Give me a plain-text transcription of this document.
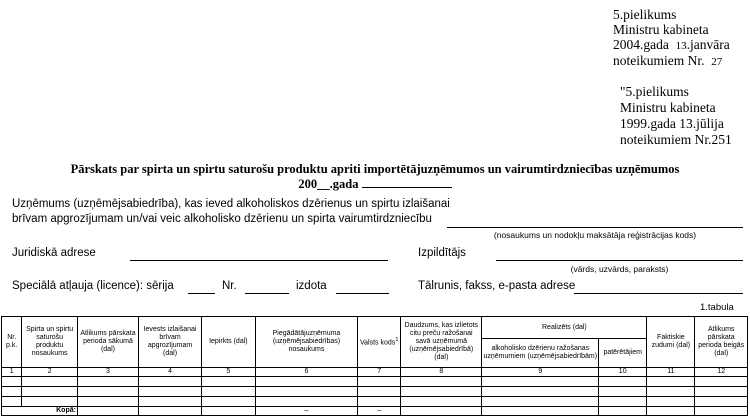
5.pielikums
Ministru kabineta
2004.gada 13.janvāra
noteikumiem Nr. 27
"5.pielikums
Ministru kabineta
1999.gada 13.jūlija
noteikumiem Nr.251
Pārskats par spirta un spirtu saturošu produktu apriti importētājuzņēmumos un vairumtirdzniecības uzņēmumos
200__.gada
Uzņēmums (uzņēmējsabiedrība), kas ieved alkoholiskos dzērienus un spirtu izlaišanai
brīvam apgrozījumam un/vai veic alkoholisko dzērienu un spirta vairumtirdzniecību
(nosaukums un nodokļu maksātāja reģistrācijas kods)
Juridiskā adrese	Izpildītājs
(vārds, uzvārds, paraksts)
Speciālā atļauja (licence): sērija	Nr.	izdota	Tālrunis, fakss, e-pasta adrese
1.tabula
Nr. p.k.	Spirta un spirtu saturošu produktu nosaukums	Atlikums pārskata perioda sākumā (dal)	Ievests izlaišanai brīvam apgrozījumam (dal)	Iepirkts (dal)	Piegādātājuzņēmuma (uzņēmējsabiedrības) nosaukums	Valsts kods$^1$	Daudzums, kas izlietots citu preču ražošanai savā uzņēmumā (uzņēmējsabiedrībā) (dal)	Realizēts (dal)		Faktiskie zudumi (dal)	Atlikums pārskata perioda beigās (dal)
								alkoholisko dzērienu ražošanas uzņēmumiem (uzņēmējsabiedrībām)	patērētājiem		
1	2	3	4	5	6	7	8	9	10	11	12

Kopā:					–	–					
